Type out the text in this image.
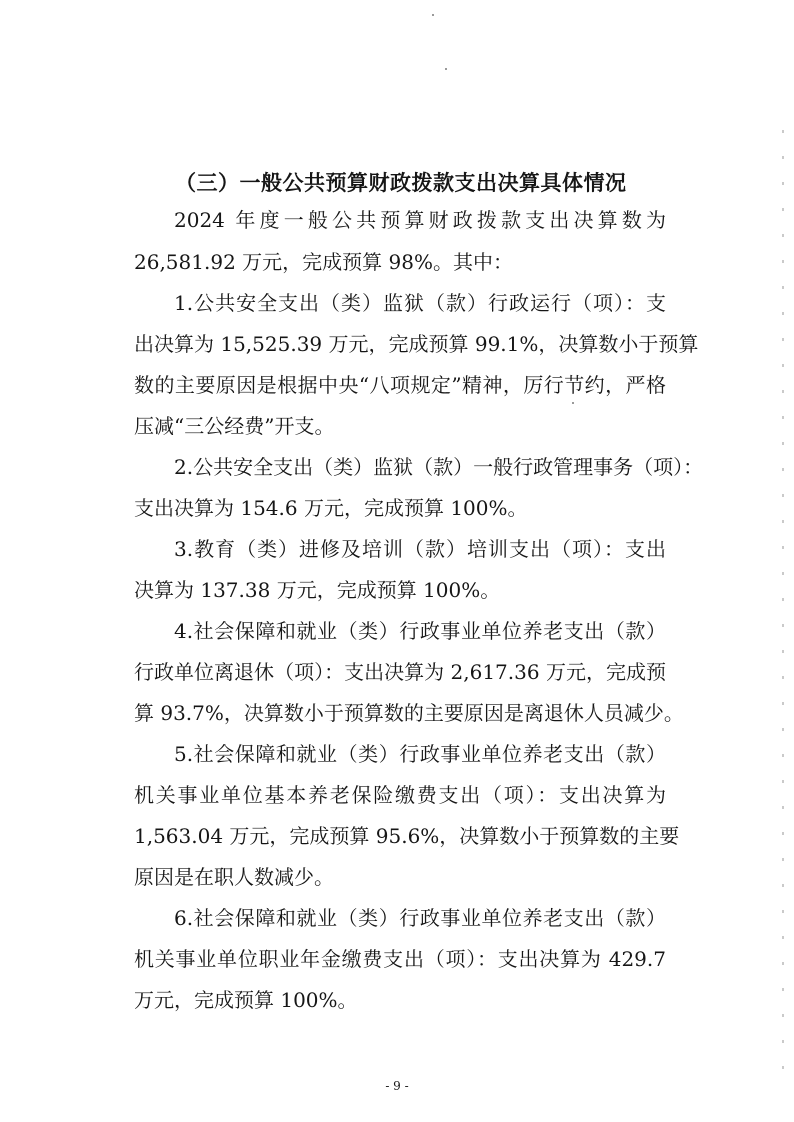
（三）一般公共预算财政拨款支出决算具体情况

2024 年度一般公共预算财政拨款支出决算数为

26,581.92 万元，完成预算 98%。其中：

1.公共安全支出（类）监狱（款）行政运行（项）：支

出决算为 15,525.39 万元，完成预算 99.1%，决算数小于预算

数的主要原因是根据中央“八项规定”精神，厉行节约，严格

压减“三公经费”开支。

2.公共安全支出（类）监狱（款）一般行政管理事务（项）：

支出决算为 154.6 万元，完成预算 100%。

3.教育（类）进修及培训（款）培训支出（项）：支出

决算为 137.38 万元，完成预算 100%。

4.社会保障和就业（类）行政事业单位养老支出（款）

行政单位离退休（项）：支出决算为 2,617.36 万元，完成预

算 93.7%，决算数小于预算数的主要原因是离退休人员减少。

5.社会保障和就业（类）行政事业单位养老支出（款）

机关事业单位基本养老保险缴费支出（项）：支出决算为

1,563.04 万元，完成预算 95.6%，决算数小于预算数的主要

原因是在职人数减少。

6.社会保障和就业（类）行政事业单位养老支出（款）

机关事业单位职业年金缴费支出（项）：支出决算为 429.7

万元，完成预算 100%。

- 9 -
